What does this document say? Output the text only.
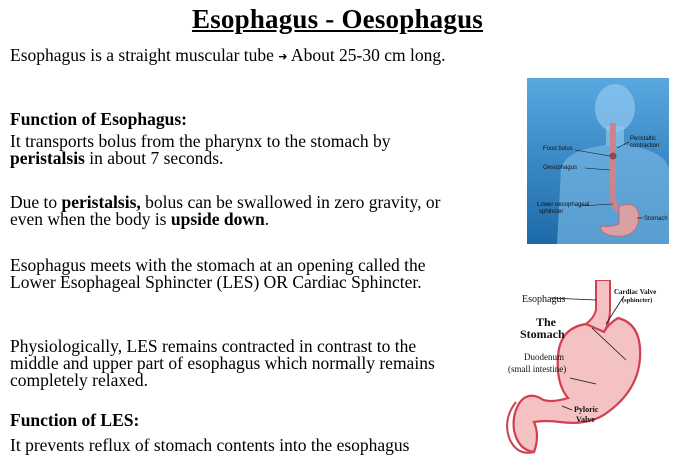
Esophagus - Oesophagus
Esophagus is a straight muscular tube ➜ About 25-30 cm long.
Function of Esophagus:
It transports bolus from the pharynx to the stomach by peristalsis in about 7 seconds.
Due to peristalsis, bolus can be swallowed in zero gravity, or even when the body is upside down.
Esophagus meets with the stomach at an opening called the Lower Esophageal Sphincter (LES) OR Cardiac Sphincter.
Physiologically, LES remains contracted in contrast to the middle and upper part of esophagus which normally remains completely relaxed.
Function of LES:
It prevents reflux of stomach contents into the esophagus
Food bolus
Peristaltic
contraction
Oesophagus
Lower oesophageal
sphincter
Stomach
Esophagus
Cardiac Valve
(sphincter)
The
Stomach
Duodenum
(small intestine)
Pyloric
Valve
